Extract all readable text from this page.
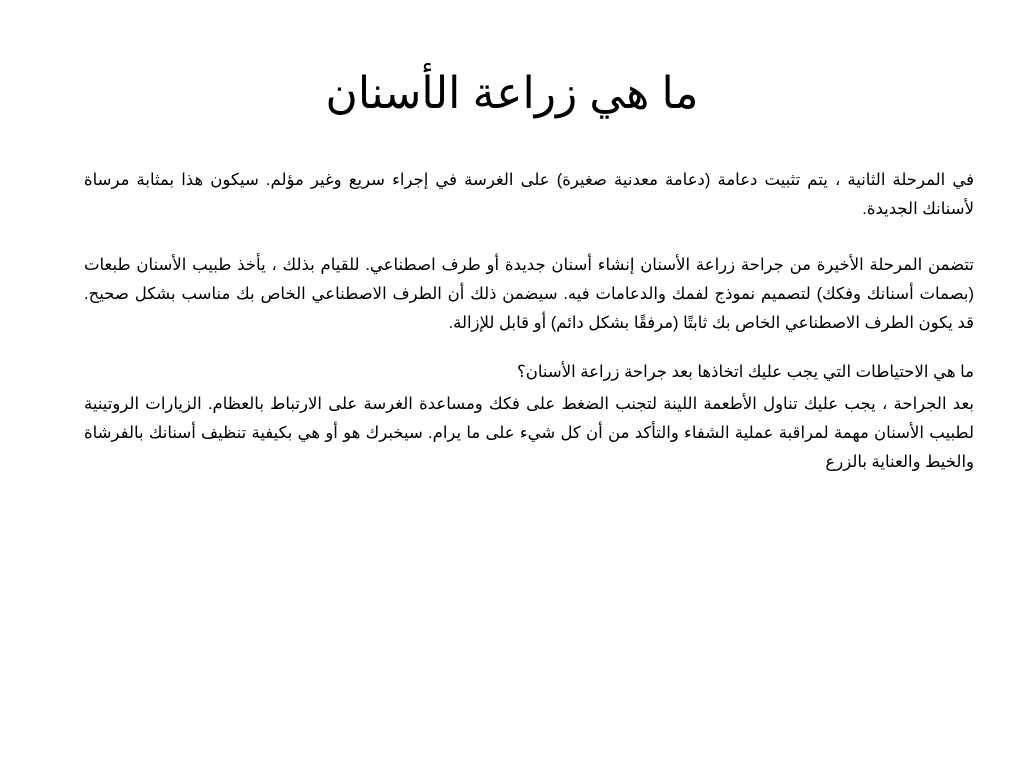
ما هي زراعة الأسنان

في المرحلة الثانية ، يتم تثبيت دعامة (دعامة معدنية صغيرة) على الغرسة في إجراء سريع وغير مؤلم. سيكون هذا بمثابة مرساة لأسنانك الجديدة.

تتضمن المرحلة الأخيرة من جراحة زراعة الأسنان إنشاء أسنان جديدة أو طرف اصطناعي. للقيام بذلك ، يأخذ طبيب الأسنان طبعات (بصمات أسنانك وفكك) لتصميم نموذج لفمك والدعامات فيه. سيضمن ذلك أن الطرف الاصطناعي الخاص بك مناسب بشكل صحيح. قد يكون الطرف الاصطناعي الخاص بك ثابتًا (مرفقًا بشكل دائم) أو قابل للإزالة.

ما هي الاحتياطات التي يجب عليك اتخاذها بعد جراحة زراعة الأسنان؟

بعد الجراحة ، يجب عليك تناول الأطعمة اللينة لتجنب الضغط على فكك ومساعدة الغرسة على الارتباط بالعظام. الزيارات الروتينية لطبيب الأسنان مهمة لمراقبة عملية الشفاء والتأكد من أن كل شيء على ما يرام. سيخبرك هو أو هي بكيفية تنظيف أسنانك بالفرشاة والخيط والعناية بالزرع
